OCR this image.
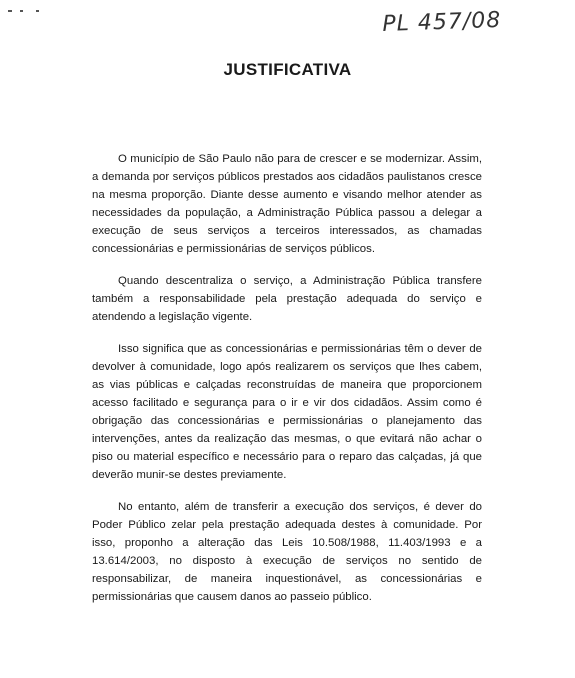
PL 457/08
JUSTIFICATIVA

O município de São Paulo não para de crescer e se modernizar. Assim, a demanda por serviços públicos prestados aos cidadãos paulistanos cresce na mesma proporção. Diante desse aumento e visando melhor atender as necessidades da população, a Administração Pública passou a delegar a execução de seus serviços a terceiros interessados, as chamadas concessionárias e permissionárias de serviços públicos.

Quando descentraliza o serviço, a Administração Pública transfere também a responsabilidade pela prestação adequada do serviço e atendendo a legislação vigente.

Isso significa que as concessionárias e permissionárias têm o dever de devolver à comunidade, logo após realizarem os serviços que lhes cabem, as vias públicas e calçadas reconstruídas de maneira que proporcionem acesso facilitado e segurança para o ir e vir dos cidadãos. Assim como é obrigação das concessionárias e permissionárias o planejamento das intervenções, antes da realização das mesmas, o que evitará não achar o piso ou material específico e necessário para o reparo das calçadas, já que deverão munir-se destes previamente.

No entanto, além de transferir a execução dos serviços, é dever do Poder Público zelar pela prestação adequada destes à comunidade. Por isso, proponho a alteração das Leis 10.508/1988, 11.403/1993 e a 13.614/2003, no disposto à execução de serviços no sentido de responsabilizar, de maneira inquestionável, as concessionárias e permissionárias que causem danos ao passeio público.
